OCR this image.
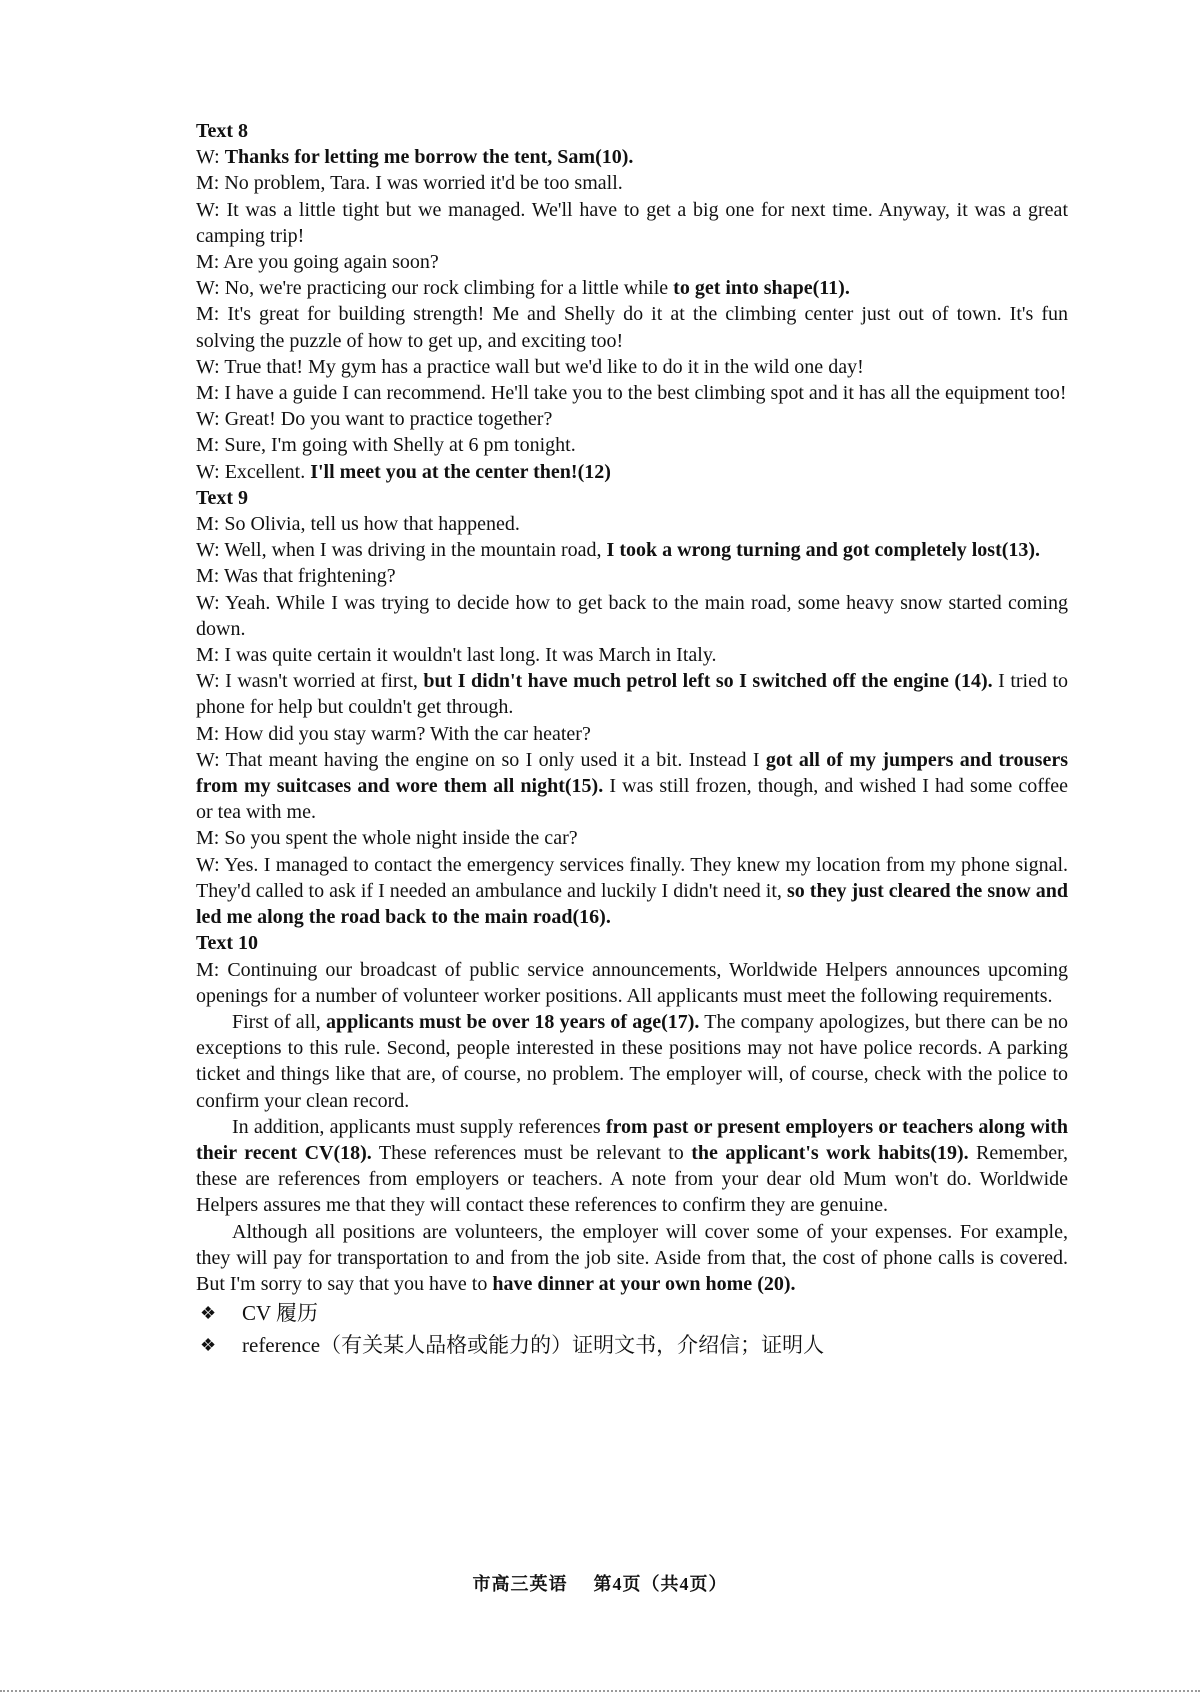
Text 8

W: Thanks for letting me borrow the tent, Sam(10).

M: No problem, Tara. I was worried it'd be too small.

W: It was a little tight but we managed. We'll have to get a big one for next time. Anyway, it was a great camping trip!

M: Are you going again soon?

W: No, we're practicing our rock climbing for a little while to get into shape(11).

M: It's great for building strength! Me and Shelly do it at the climbing center just out of town. It's fun solving the puzzle of how to get up, and exciting too!

W: True that! My gym has a practice wall but we'd like to do it in the wild one day!

M: I have a guide I can recommend. He'll take you to the best climbing spot and it has all the equipment too!

W: Great! Do you want to practice together?

M: Sure, I'm going with Shelly at 6 pm tonight.

W: Excellent. I'll meet you at the center then!(12)

Text 9

M: So Olivia, tell us how that happened.

W: Well, when I was driving in the mountain road, I took a wrong turning and got completely lost(13).

M: Was that frightening?

W: Yeah. While I was trying to decide how to get back to the main road, some heavy snow started coming down.

M: I was quite certain it wouldn't last long. It was March in Italy.

W: I wasn't worried at first, but I didn't have much petrol left so I switched off the engine (14). I tried to phone for help but couldn't get through.

M: How did you stay warm? With the car heater?

W: That meant having the engine on so I only used it a bit. Instead I got all of my jumpers and trousers from my suitcases and wore them all night(15). I was still frozen, though, and wished I had some coffee or tea with me.

M: So you spent the whole night inside the car?

W: Yes. I managed to contact the emergency services finally. They knew my location from my phone signal. They'd called to ask if I needed an ambulance and luckily I didn't need it, so they just cleared the snow and led me along the road back to the main road(16).

Text 10

M: Continuing our broadcast of public service announcements, Worldwide Helpers announces upcoming openings for a number of volunteer worker positions. All applicants must meet the following requirements.

First of all, applicants must be over 18 years of age(17). The company apologizes, but there can be no exceptions to this rule. Second, people interested in these positions may not have police records. A parking ticket and things like that are, of course, no problem. The employer will, of course, check with the police to confirm your clean record.

In addition, applicants must supply references from past or present employers or teachers along with their recent CV(18). These references must be relevant to the applicant's work habits(19). Remember, these are references from employers or teachers. A note from your dear old Mum won't do. Worldwide Helpers assures me that they will contact these references to confirm they are genuine.

Although all positions are volunteers, the employer will cover some of your expenses. For example, they will pay for transportation to and from the job site. Aside from that, the cost of phone calls is covered. But I'm sorry to say that you have to have dinner at your own home (20).

❖ CV 履历

❖ reference（有关某人品格或能力的）证明文书，介绍信；证明人

市高三英语 第4页（共4页）
